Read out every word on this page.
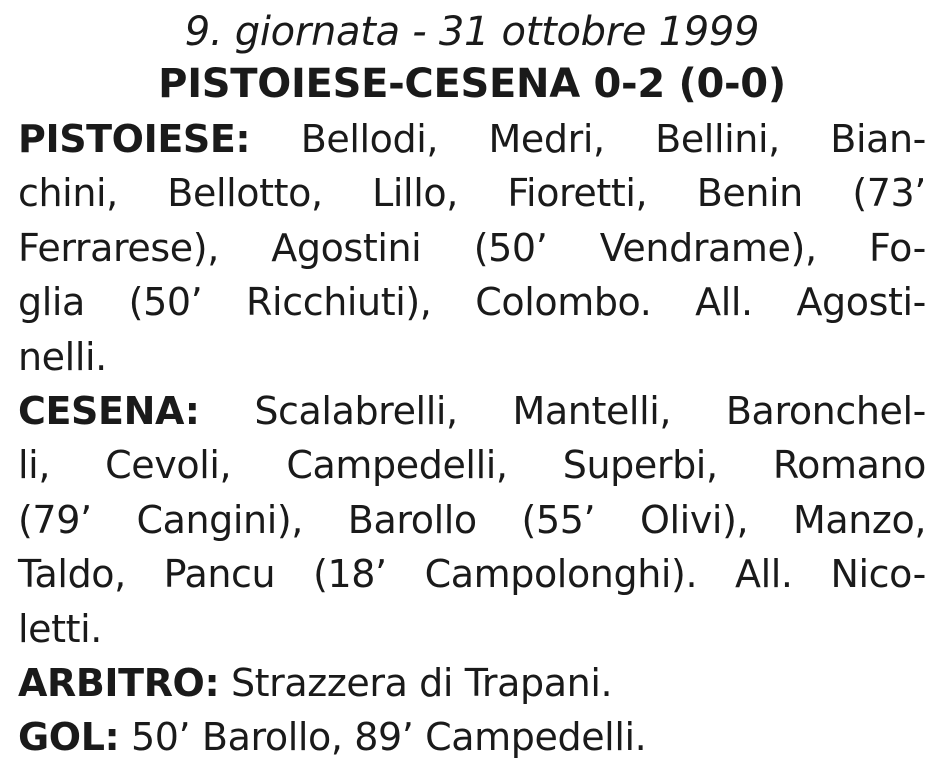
9. giornata - 31 ottobre 1999
PISTOIESE-CESENA 0-2 (0-0)
PISTOIESE: Bellodi, Medri, Bellini, Bian-
chini, Bellotto, Lillo, Fioretti, Benin (73’
Ferrarese), Agostini (50’ Vendrame), Fo-
glia (50’ Ricchiuti), Colombo. All. Agosti-
nelli.
CESENA: Scalabrelli, Mantelli, Baronchel-
li, Cevoli, Campedelli, Superbi, Romano
(79’ Cangini), Barollo (55’ Olivi), Manzo,
Taldo, Pancu (18’ Campolonghi). All. Nico-
letti.
ARBITRO: Strazzera di Trapani.
GOL: 50’ Barollo, 89’ Campedelli.
